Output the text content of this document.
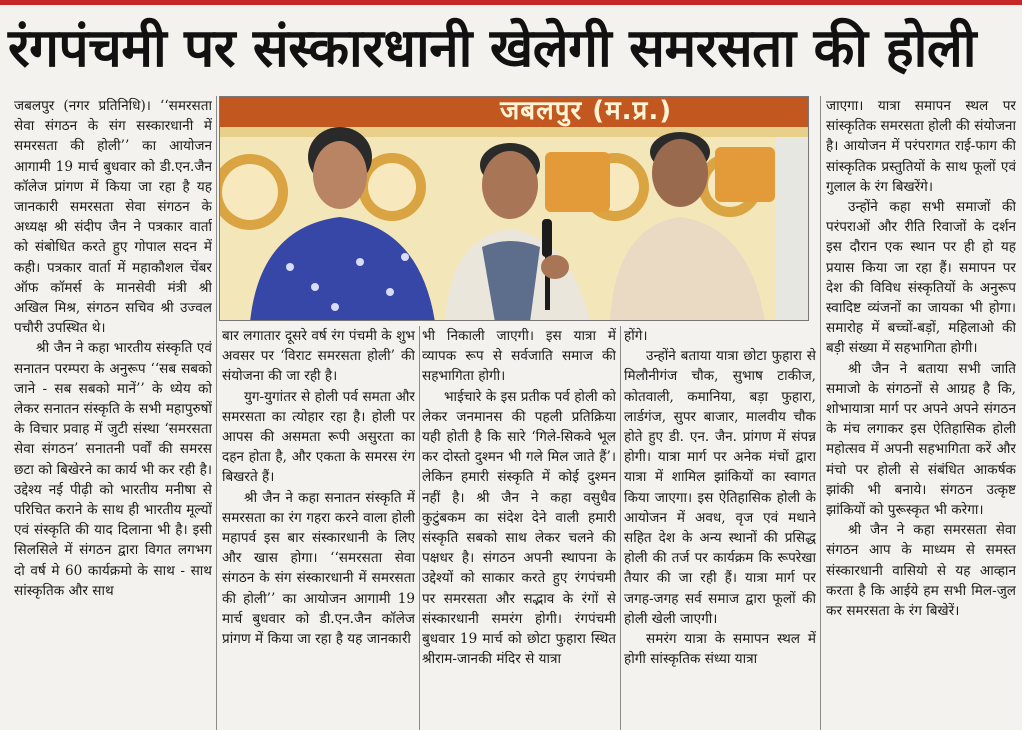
रंगपंचमी पर संस्कारधानी खेलेगी समरसता की होली

जबलपुर (नगर प्रतिनिधि)। ‘‘समरसता सेवा संगठन के संग सस्कारधानी में समरसता की होली’’ का आयोजन आगामी 19 मार्च बुधवार को डी.एन.जैन कॉलेज प्रांगण में किया जा रहा है यह जानकारी समरसता सेवा संगठन के अध्यक्ष श्री संदीप जैन ने पत्रकार वार्ता को संबोधित करते हुए गोपाल सदन में कही। पत्रकार वार्ता में महाकौशल चेंबर ऑफ कॉमर्स के मानसेवी मंत्री श्री अखिल मिश्र, संगठन सचिव श्री उज्वल पचौरी उपस्थित थे।

श्री जैन ने कहा भारतीय संस्कृति एवं सनातन परम्परा के अनुरूप ‘‘सब सबको जाने - सब सबको मानें’’ के ध्येय को लेकर सनातन संस्कृति के सभी महापुरुषों के विचार प्रवाह में जुटी संस्था ‘समरसता सेवा संगठन’ सनातनी पर्वों की समरस छटा को बिखेरने का कार्य भी कर रही है। उद्देश्य नई पीढ़ी को भारतीय मनीषा से परिचित कराने के साथ ही भारतीय मूल्यों एवं संस्कृति की याद दिलाना भी है। इसी सिलसिले में संगठन द्वारा विगत लगभग दो वर्ष मे 60 कार्यक्रमो के साथ - साथ सांस्कृतिक और साथ

जबलपुर (म.प्र.)

बार लगातार दूसरे वर्ष रंग पंचमी के शुभ अवसर पर ‘विराट समरसता होली’ की संयोजना की जा रही है।

युग-युगांतर से होली पर्व समता और समरसता का त्योहार रहा है। होली पर आपस की असमता रूपी असुरता का दहन होता है, और एकता के समरस रंग बिखरते हैं।

श्री जैन ने कहा सनातन संस्कृति में समरसता का रंग गहरा करने वाला होली महापर्व इस बार संस्कारधानी के लिए और खास होगा। ‘‘समरसता सेवा संगठन के संग संस्कारधानी में समरसता की होली’’ का आयोजन आगामी 19 मार्च बुधवार को डी.एन.जैन कॉलेज प्रांगण में किया जा रहा है यह जानकारी

भी निकाली जाएगी। इस यात्रा में व्यापक रूप से सर्वजाति समाज की सहभागिता होगी।

भाईचारे के इस प्रतीक पर्व होली को लेकर जनमानस की पहली प्रतिक्रिया यही होती है कि सारे ‘गिले-सिकवे भूल कर दोस्तो दुश्मन भी गले मिल जाते हैं’। लेकिन हमारी संस्कृति में कोई दुश्मन नहीं है। श्री जैन ने कहा वसुधैव कुटुंबकम का संदेश देने वाली हमारी संस्कृति सबको साथ लेकर चलने की पक्षधर है। संगठन अपनी स्थापना के उद्देश्यों को साकार करते हुए रंगपंचमी पर समरसता और सद्भाव के रंगों से संस्कारधानी समरंग होगी। रंगपंचमी बुधवार 19 मार्च को छोटा फुहारा स्थित श्रीराम-जानकी मंदिर से यात्रा

होंगे।

उन्होंने बताया यात्रा छोटा फुहारा से मिलौनीगंज चौक, सुभाष टाकीज, कोतवाली, कमानिया, बड़ा फुहारा, लार्डगंज, सुपर बाजार, मालवीय चौक होते हुए डी. एन. जैन. प्रांगण में संपन्न होगी। यात्रा मार्ग पर अनेक मंचों द्वारा यात्रा में शामिल झांकियों का स्वागत किया जाएगा। इस ऐतिहासिक होली के आयोजन में अवध, वृज एवं मथाने सहित देश के अन्य स्थानों की प्रसिद्ध होली की तर्ज पर कार्यक्रम कि रूपरेखा तैयार की जा रही हैं। यात्रा मार्ग पर जगह-जगह सर्व समाज द्वारा फूलों की होली खेली जाएगी।

समरंग यात्रा के समापन स्थल में होगी सांस्कृतिक संध्या यात्रा

जाएगा। यात्रा समापन स्थल पर सांस्कृतिक समरसता होली की संयोजना है। आयोजन में परंपरागत राई-फाग की सांस्कृतिक प्रस्तुतियों के साथ फूलों एवं गुलाल के रंग बिखरेंगे।

उन्होंने कहा सभी समाजों की परंपराओं और रीति रिवाजों के दर्शन इस दौरान एक स्थान पर ही हो यह प्रयास किया जा रहा हैं। समापन पर देश की विविध संस्कृतियों के अनुरूप स्वादिष्ट व्यंजनों का जायका भी होगा। समारोह में बच्चों-बड़ों, महिलाओ की बड़ी संख्या में सहभागिता होगी।

श्री जैन ने बताया सभी जाति समाजो के संगठनों से आग्रह है कि, शोभायात्रा मार्ग पर अपने अपने संगठन के मंच लगाकर इस ऐतिहासिक होली महोत्सव में अपनी सहभागिता करें और मंचो पर होली से संबंधित आकर्षक झांकी भी बनाये। संगठन उत्कृष्ट झांकियों को पुरूस्कृत भी करेगा।

श्री जैन ने कहा समरसता सेवा संगठन आप के माध्यम से समस्त संस्कारधानी वासियो से यह आव्हान करता है कि आईये हम सभी मिल-जुल कर समरसता के रंग बिखेरें।
